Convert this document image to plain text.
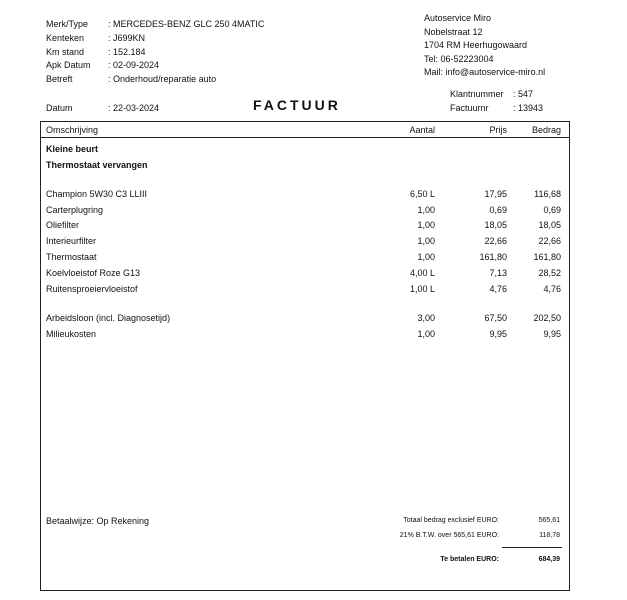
Merk/Type : MERCEDES-BENZ GLC 250 4MATIC
Kenteken	: J699KN
Km stand	: 152.184
Apk Datum : 02-09-2024
Betreft	: Onderhoud/reparatie auto
Datum	: 22-03-2024	FACTUUR
Autoservice Miro
Nobelstraat 12
1704 RM Heerhugowaard
Tel: 06-52223004
Mail: info@autoservice-miro.nl
Klantnummer : 547
Factuurnr	: 13943
Omschrijving	Aantal	Prijs	Bedrag
Kleine beurt
Thermostaat vervangen
Champion 5W30 C3 LLIII	6,50 L	17,95	116,68
Carterplugring	1,00	0,69	0,69
Oliefilter	1,00	18,05	18,05
Interieurfilter	1,00	22,66	22,66
Thermostaat	1,00	161,80	161,80
Koelvloeistof Roze G13	4,00 L	7,13	28,52
Ruitensproeiervloeistof	1,00 L	4,76	4,76
Arbeidsloon (incl. Diagnosetijd)	3,00	67,50	202,50
Milieukosten	1,00	9,95	9,95
Betaalwijze: Op Rekening	Totaal bedrag exclusief EURO:	565,61
21% B.T.W. over 565,61 EURO:	118,78
Te betalen EURO:	684,39
